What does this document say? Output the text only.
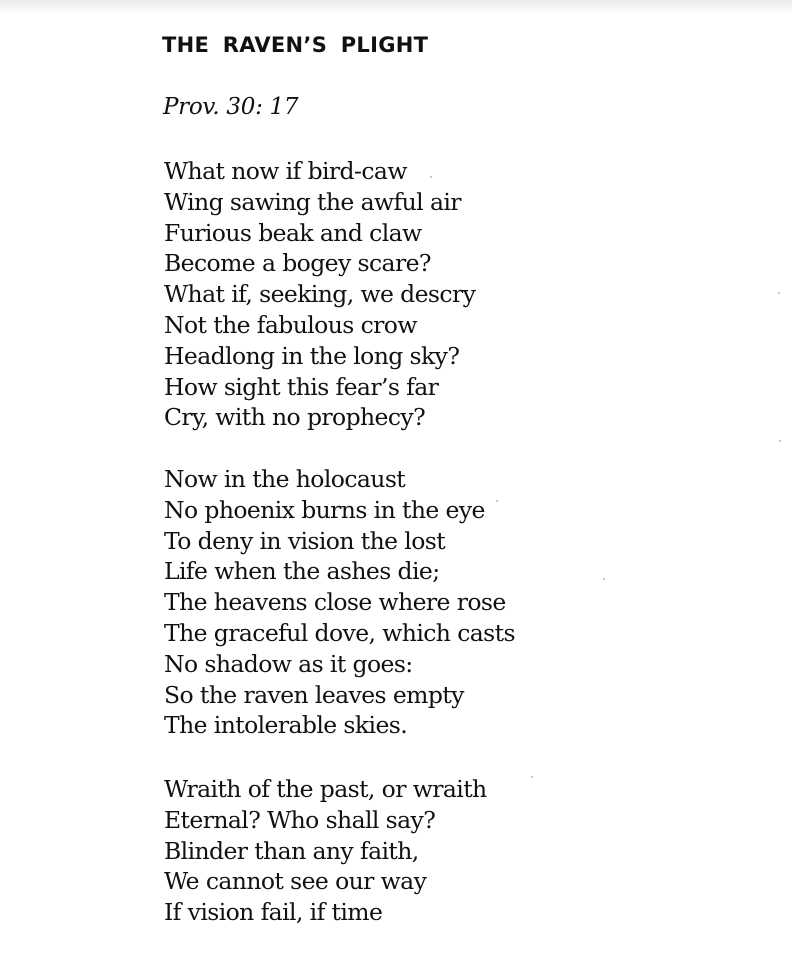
THE RAVEN’S PLIGHT

Prov. 30: 17

What now if bird-caw
Wing sawing the awful air
Furious beak and claw
Become a bogey scare?
What if, seeking, we descry
Not the fabulous crow
Headlong in the long sky?
How sight this fear’s far
Cry, with no prophecy?
Now in the holocaust
No phoenix burns in the eye
To deny in vision the lost
Life when the ashes die;
The heavens close where rose
The graceful dove, which casts
No shadow as it goes:
So the raven leaves empty
The intolerable skies.
Wraith of the past, or wraith
Eternal? Who shall say?
Blinder than any faith,
We cannot see our way
If vision fail, if time
